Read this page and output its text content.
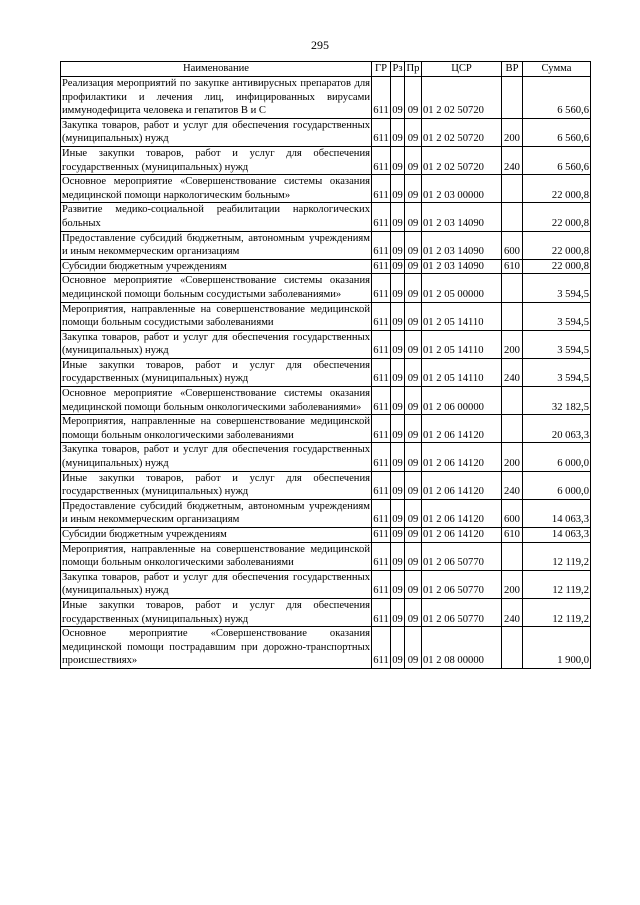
295
Наименование	ГР	Рз	Пр	ЦСР	ВР	Сумма
Реализация мероприятий по закупке антивирусных препаратов для профилактики и лечения лиц, инфицированных вирусами иммунодефицита человека и гепатитов В и С	611	09	09	01 2 02 50720		6 560,6
Закупка товаров, работ и услуг для обеспечения государственных (муниципальных) нужд	611	09	09	01 2 02 50720	200	6 560,6
Иные закупки товаров, работ и услуг для обеспечения государственных (муниципальных) нужд	611	09	09	01 2 02 50720	240	6 560,6
Основное мероприятие «Совершенствование системы оказания медицинской помощи наркологическим больным»	611	09	09	01 2 03 00000		22 000,8
Развитие медико-социальной реабилитации наркологических больных	611	09	09	01 2 03 14090		22 000,8
Предоставление субсидий бюджетным, автономным учреждениям и иным некоммерческим организациям	611	09	09	01 2 03 14090	600	22 000,8
Субсидии бюджетным учреждениям	611	09	09	01 2 03 14090	610	22 000,8
Основное мероприятие «Совершенствование системы оказания медицинской помощи больным сосудистыми заболеваниями»	611	09	09	01 2 05 00000		3 594,5
Мероприятия, направленные на совершенствование медицинской помощи больным сосудистыми заболеваниями	611	09	09	01 2 05 14110		3 594,5
Закупка товаров, работ и услуг для обеспечения государственных (муниципальных) нужд	611	09	09	01 2 05 14110	200	3 594,5
Иные закупки товаров, работ и услуг для обеспечения государственных (муниципальных) нужд	611	09	09	01 2 05 14110	240	3 594,5
Основное мероприятие «Совершенствование системы оказания медицинской помощи больным онкологическими заболеваниями»	611	09	09	01 2 06 00000		32 182,5
Мероприятия, направленные на совершенствование медицинской помощи больным онкологическими заболеваниями	611	09	09	01 2 06 14120		20 063,3
Закупка товаров, работ и услуг для обеспечения государственных (муниципальных) нужд	611	09	09	01 2 06 14120	200	6 000,0
Иные закупки товаров, работ и услуг для обеспечения государственных (муниципальных) нужд	611	09	09	01 2 06 14120	240	6 000,0
Предоставление субсидий бюджетным, автономным учреждениям и иным некоммерческим организациям	611	09	09	01 2 06 14120	600	14 063,3
Субсидии бюджетным учреждениям	611	09	09	01 2 06 14120	610	14 063,3
Мероприятия, направленные на совершенствование медицинской помощи больным онкологическими заболеваниями	611	09	09	01 2 06 50770		12 119,2
Закупка товаров, работ и услуг для обеспечения государственных (муниципальных) нужд	611	09	09	01 2 06 50770	200	12 119,2
Иные закупки товаров, работ и услуг для обеспечения государственных (муниципальных) нужд	611	09	09	01 2 06 50770	240	12 119,2
Основное мероприятие «Совершенствование оказания медицинской помощи пострадавшим при дорожно-транспортных происшествиях»	611	09	09	01 2 08 00000		1 900,0
